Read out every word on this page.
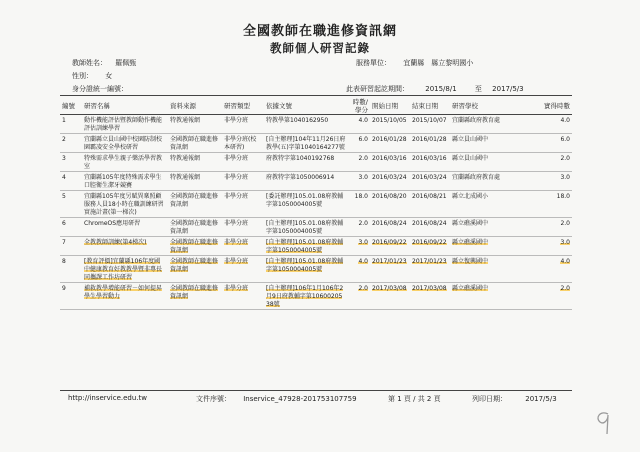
全國教師在職進修資訊網
教師個人研習記錄
教師姓名： 羅佩甄	服務單位： 宜蘭縣　縣立黎明國小
性別： 女
身分證統一編號：	此表研習起訖期間： 2015/8/1	至 2017/5/3
編號	研習名稱	資料來源	研習類型	依據文號	時數/學分	開始日期	結束日期	研習學校	實得時數
1	動作機能評估暨教師動作機能評估訓練學習	特教通報網	非學分班	特教學第1040162950	4.0	2015/10/05	2015/10/07	宜蘭縣政府教育處	4.0
2	宜蘭縣立員山國中校園防制校園霸凌安全學校研習	全國教師在職進修資訊網	非學分班(校本研習)	[自主辦理]104年11月26日府教學(五)字第1040164277號	6.0	2016/01/28	2016/01/28	縣立員山國中	6.0
3	特殊需求學生親子樂活學習教室	特教通報網	非學分班	府教特字第1040192768	2.0	2016/03/16	2016/03/16	縣立員山國中	2.0
4	宜蘭縣105年度特殊需求學生口腔衛生潔牙競賽	特教通報網	非學分班	府教特字第1050006914	3.0	2016/03/24	2016/03/24	宜蘭縣政府教育處	3.0
5	宜蘭縣105年度另賦異稟照顧服務人員18小時在職訓練研習實施計畫(第一梯次)	全國教師在職進修資訊網	非學分班	[委託辦理]105.01.08府教輔字第1050004005號	18.0	2016/08/20	2016/08/21	縣立北成國小	18.0
6	ChromeOS應用研習	全國教師在職進修資訊網	非學分班	[自主辦理]105.01.08府教輔字第1050004005號	2.0	2016/08/24	2016/08/24	縣立礁溪國中	2.0
7	全教教師訓練(第4梯次)	全國教師在職進修資訊網	非學分班	[自主辦理]105.01.08府教輔字第1050004005號	3.0	2016/09/22	2016/09/22	縣立礁溪國中	3.0
8	[教育評價]宜蘭縣106年度國中健康教育好教教學暨非專長同攜課工作坊研習	全國教師在職進修資訊網	非學分班	[自主辦理]105.01.08府教輔字第1050004005號	4.0	2017/01/23	2017/01/23	縣立復興國中	4.0
9	補救教學增能研習－如何提昇學生學習動力	全國教師在職進修資訊網	非學分班	[自主辦理]106年1月106年2月9日府教輔字第1060020538號	2.0	2017/03/08	2017/03/08	縣立礁溪國中	2.0
http://inservice.edu.tw	文件序號： Inservice_47928-201753107759	第 1 頁 / 共 2 頁	列印日期：	2017/5/3
